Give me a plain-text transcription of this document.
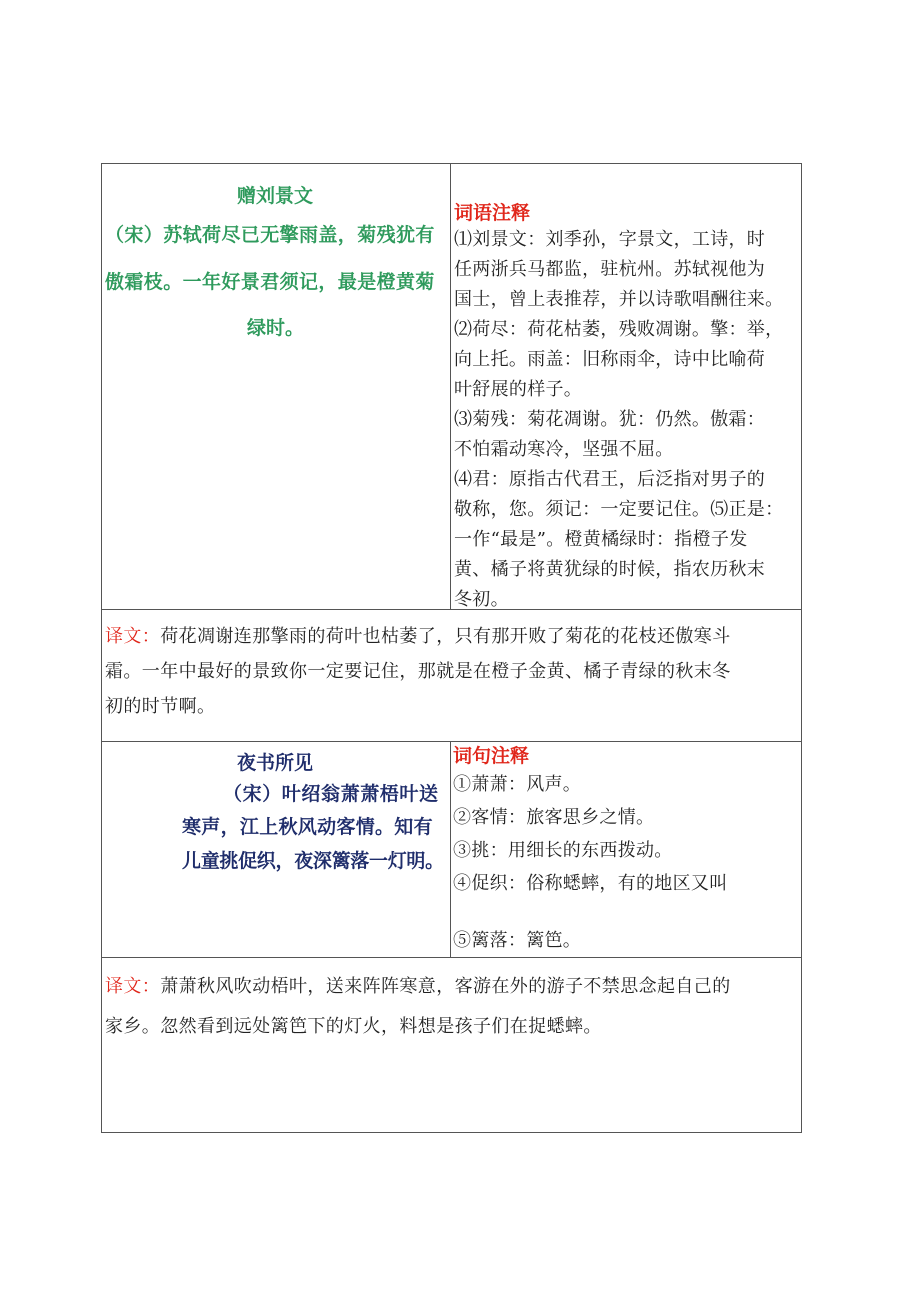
赠刘景文
（宋）苏轼荷尽已无擎雨盖，菊残犹有
傲霜枝。一年好景君须记，最是橙黄菊
绿时。
词语注释
⑴刘景文：刘季孙，字景文，工诗，时
任两浙兵马都监，驻杭州。苏轼视他为
国士，曾上表推荐，并以诗歌唱酬往来。
⑵荷尽：荷花枯萎，残败凋谢。擎：举，
向上托。雨盖：旧称雨伞，诗中比喻荷
叶舒展的样子。
⑶菊残：菊花凋谢。犹：仍然。傲霜：
不怕霜动寒冷，坚强不屈。
⑷君：原指古代君王，后泛指对男子的
敬称，您。须记：一定要记住。⑸正是：
一作“最是”。橙黄橘绿时：指橙子发
黄、橘子将黄犹绿的时候，指农历秋末
冬初。
译文：荷花凋谢连那擎雨的荷叶也枯萎了，只有那开败了菊花的花枝还傲寒斗
霜。一年中最好的景致你一定要记住，那就是在橙子金黄、橘子青绿的秋末冬
初的时节啊。
夜书所见
（宋）叶绍翁萧萧梧叶送
寒声，江上秋风动客情。知有
儿童挑促织，夜深篱落一灯明。
词句注释
①萧萧：风声。
②客情：旅客思乡之情。
③挑：用细长的东西拨动。
④促织：俗称蟋蟀，有的地区又叫
⑤篱落：篱笆。
译文：萧萧秋风吹动梧叶，送来阵阵寒意，客游在外的游子不禁思念起自己的
家乡。忽然看到远处篱笆下的灯火，料想是孩子们在捉蟋蟀。
